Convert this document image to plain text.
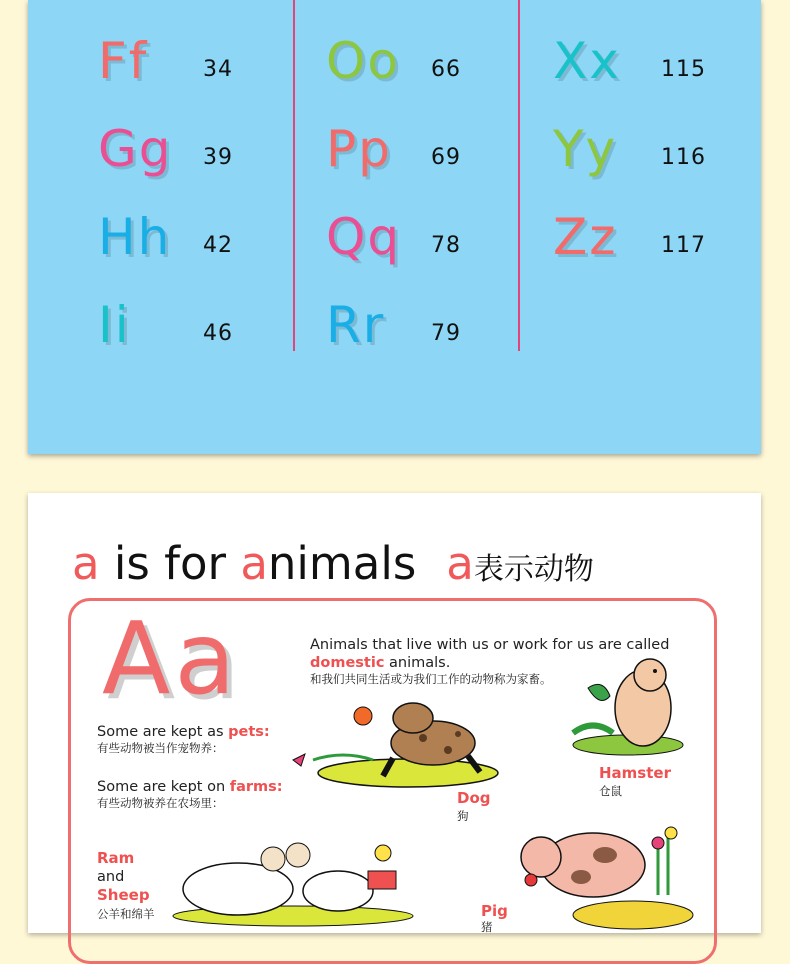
Ff 34
Gg 39
Hh 42
Ii	46
Oo 66
Pp 69
Qq 78
Rr 79
Xx 115
Yy 116
Zz 117
a is for animals a表示动物
Aa	Animals that live with us or work for us are called
domestic animals.
和我们共同生活或为我们工作的动物称为家畜。
Some are kept as pets:
有些动物被当作宠物养：
Some are kept on farms:
有些动物被养在农场里：	Dog
狗
Hamster
仓鼠
Ram
and
Sheep
公羊和绵羊	Pig
猪
